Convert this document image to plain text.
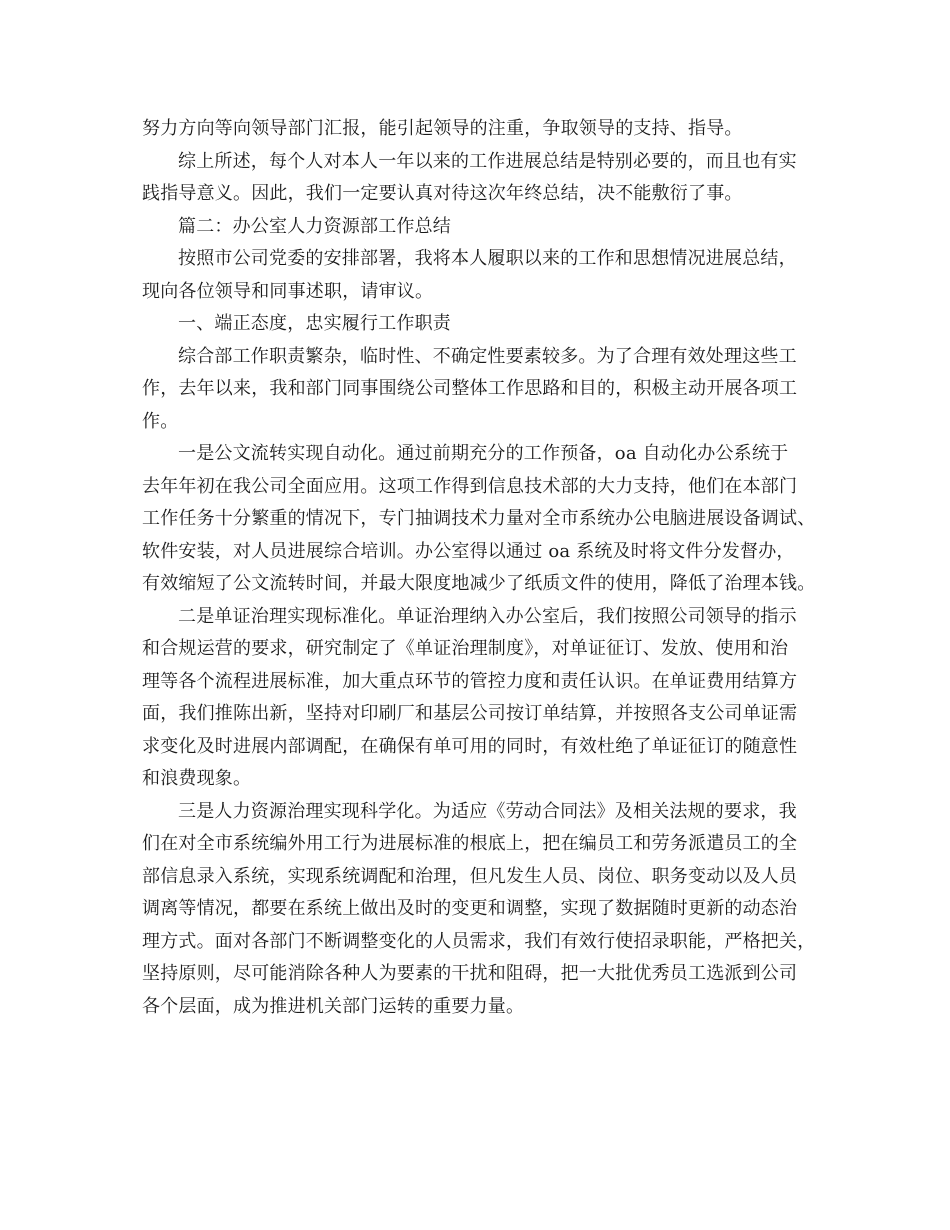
努力方向等向领导部门汇报，能引起领导的注重，争取领导的支持、指导。
综上所述，每个人对本人一年以来的工作进展总结是特别必要的，而且也有实
践指导意义。因此，我们一定要认真对待这次年终总结，决不能敷衍了事。
篇二：办公室人力资源部工作总结
按照市公司党委的安排部署，我将本人履职以来的工作和思想情况进展总结，
现向各位领导和同事述职，请审议。
一、端正态度，忠实履行工作职责
综合部工作职责繁杂，临时性、不确定性要素较多。为了合理有效处理这些工
作，去年以来，我和部门同事围绕公司整体工作思路和目的，积极主动开展各项工
作。
一是公文流转实现自动化。通过前期充分的工作预备，oa 自动化办公系统于
去年年初在我公司全面应用。这项工作得到信息技术部的大力支持，他们在本部门
工作任务十分繁重的情况下，专门抽调技术力量对全市系统办公电脑进展设备调试、
软件安装，对人员进展综合培训。办公室得以通过 oa 系统及时将文件分发督办，
有效缩短了公文流转时间，并最大限度地减少了纸质文件的使用，降低了治理本钱。
二是单证治理实现标准化。单证治理纳入办公室后，我们按照公司领导的指示
和合规运营的要求，研究制定了《单证治理制度》，对单证征订、发放、使用和治
理等各个流程进展标准，加大重点环节的管控力度和责任认识。在单证费用结算方
面，我们推陈出新，坚持对印刷厂和基层公司按订单结算，并按照各支公司单证需
求变化及时进展内部调配，在确保有单可用的同时，有效杜绝了单证征订的随意性
和浪费现象。
三是人力资源治理实现科学化。为适应《劳动合同法》及相关法规的要求，我
们在对全市系统编外用工行为进展标准的根底上，把在编员工和劳务派遣员工的全
部信息录入系统，实现系统调配和治理，但凡发生人员、岗位、职务变动以及人员
调离等情况，都要在系统上做出及时的变更和调整，实现了数据随时更新的动态治
理方式。面对各部门不断调整变化的人员需求，我们有效行使招录职能，严格把关，
坚持原则，尽可能消除各种人为要素的干扰和阻碍，把一大批优秀员工选派到公司
各个层面，成为推进机关部门运转的重要力量。
